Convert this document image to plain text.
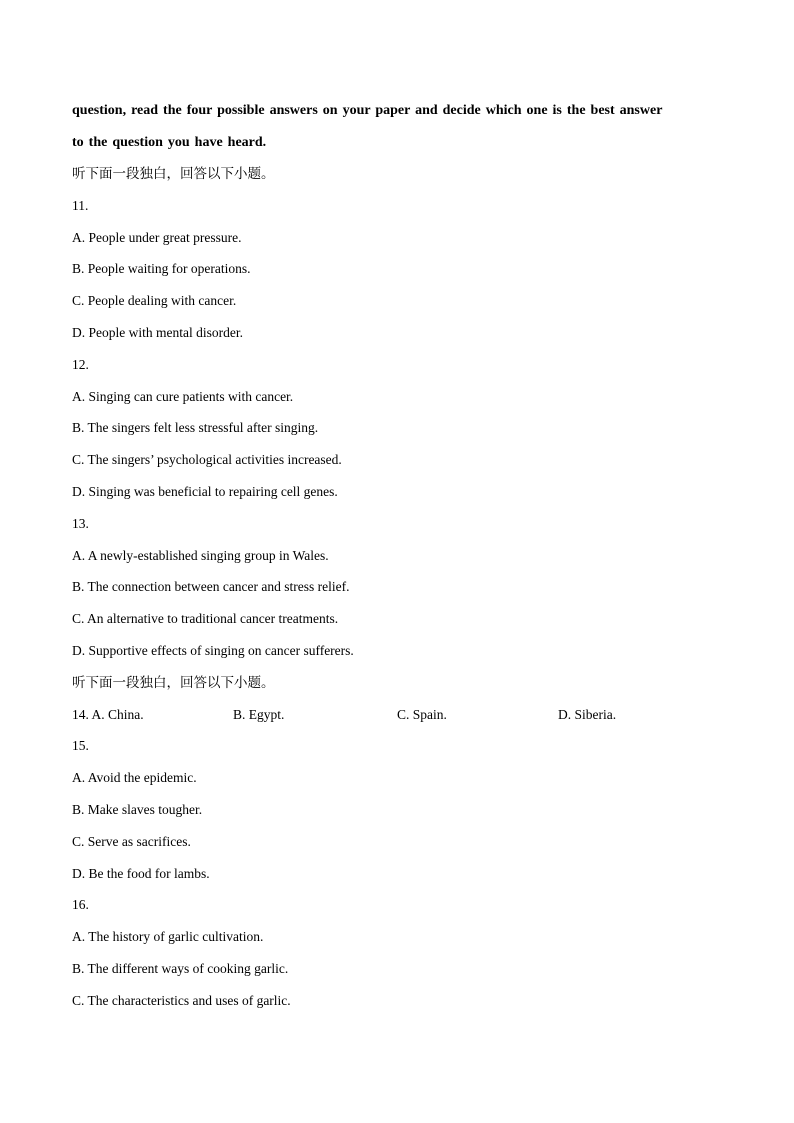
question, read the four possible answers on your paper and decide which one is the best answer
to the question you have heard.
听下面一段独白，回答以下小题。
11.
A. People under great pressure.
B. People waiting for operations.
C. People dealing with cancer.
D. People with mental disorder.
12.
A. Singing can cure patients with cancer.
B. The singers felt less stressful after singing.
C. The singers’ psychological activities increased.
D. Singing was beneficial to repairing cell genes.
13.
A. A newly-established singing group in Wales.
B. The connection between cancer and stress relief.
C. An alternative to traditional cancer treatments.
D. Supportive effects of singing on cancer sufferers.
听下面一段独白，回答以下小题。
14. A. China.	B. Egypt.	C. Spain.	D. Siberia.
15.
A. Avoid the epidemic.
B. Make slaves tougher.
C. Serve as sacrifices.
D. Be the food for lambs.
16.
A. The history of garlic cultivation.
B. The different ways of cooking garlic.
C. The characteristics and uses of garlic.
